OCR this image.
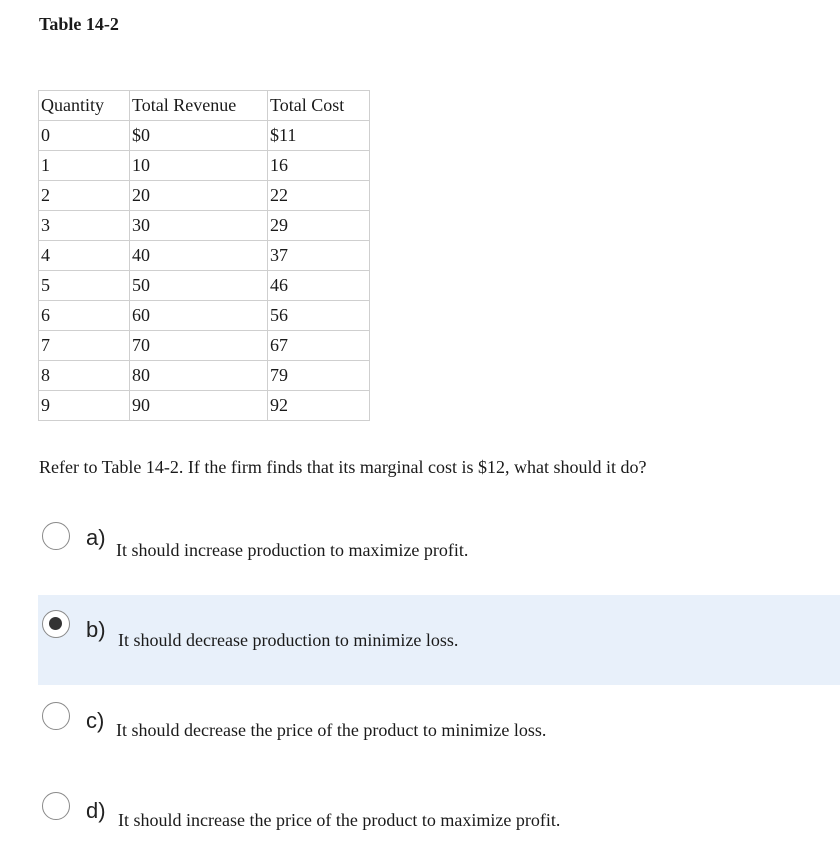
Table 14-2
Quantity	Total Revenue	Total Cost
0	$0	$11
1	10	16
2	20	22
3	30	29
4	40	37
5	50	46
6	60	56
7	70	67
8	80	79
9	90	92

Refer to Table 14-2. If the firm finds that its marginal cost is $12, what should it do?

a) It should increase production to maximize profit.
b) It should decrease production to minimize loss.
c) It should decrease the price of the product to minimize loss.
d) It should increase the price of the product to maximize profit.
